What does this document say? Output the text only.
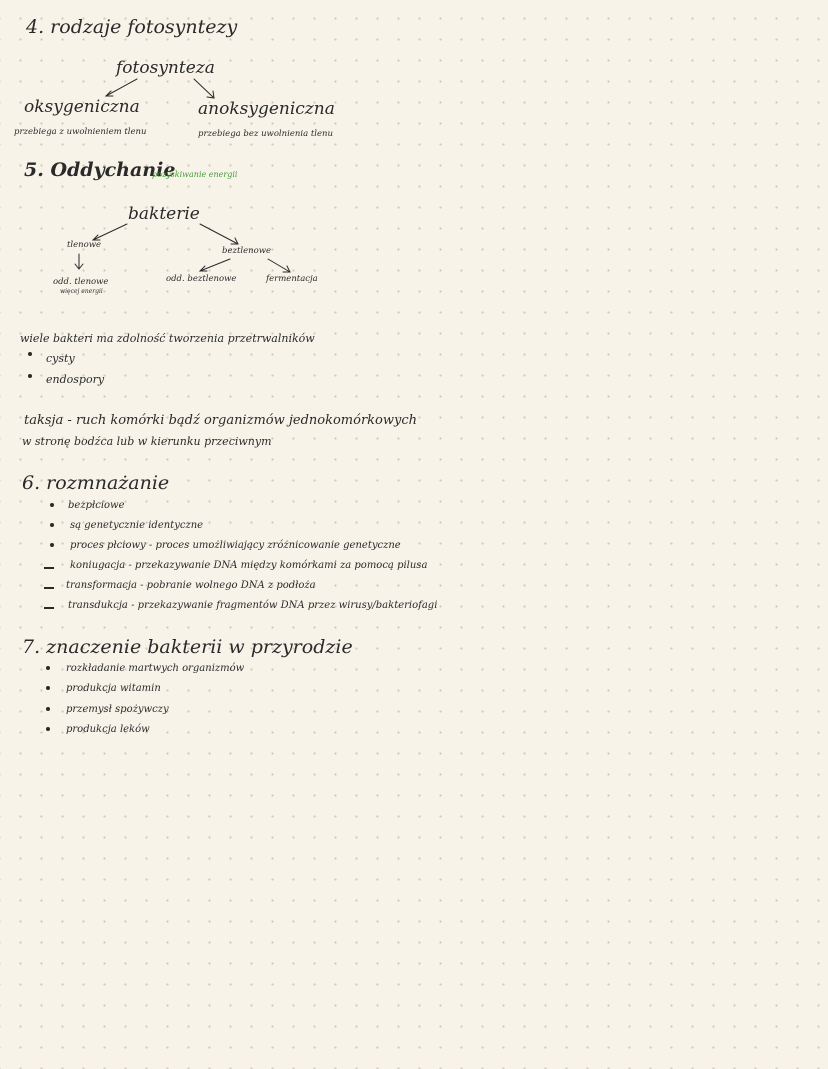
4. rodzaje fotosyntezy
fotosynteza
oksygeniczna
przebiega z uwolnieniem tlenu
anoksygeniczna
przebiega bez uwolnienia tlenu
5. Oddychanie
pozyskiwanie energii
bakterie
tlenowe
odd. tlenowe
więcej energii
beztlenowe
odd. beztlenowe	fermentacja
wiele bakteri ma zdolność tworzenia przetrwalników
cysty
endospory
taksja - ruch komórki bądź organizmów jednokomórkowych
w stronę bodźca lub w kierunku przeciwnym
6. rozmnażanie
bezpłciowe
są genetycznie identyczne
proces płciowy - proces umożliwiający zróżnicowanie genetyczne
koniugacja - przekazywanie DNA między komórkami za pomocą pilusa
transformacja - pobranie wolnego DNA z podłoża
transdukcja - przekazywanie fragmentów DNA przez wirusy/bakteriofagi
7. znaczenie bakterii w przyrodzie
rozkładanie martwych organizmów
produkcja witamin
przemysł spożywczy
produkcja leków
